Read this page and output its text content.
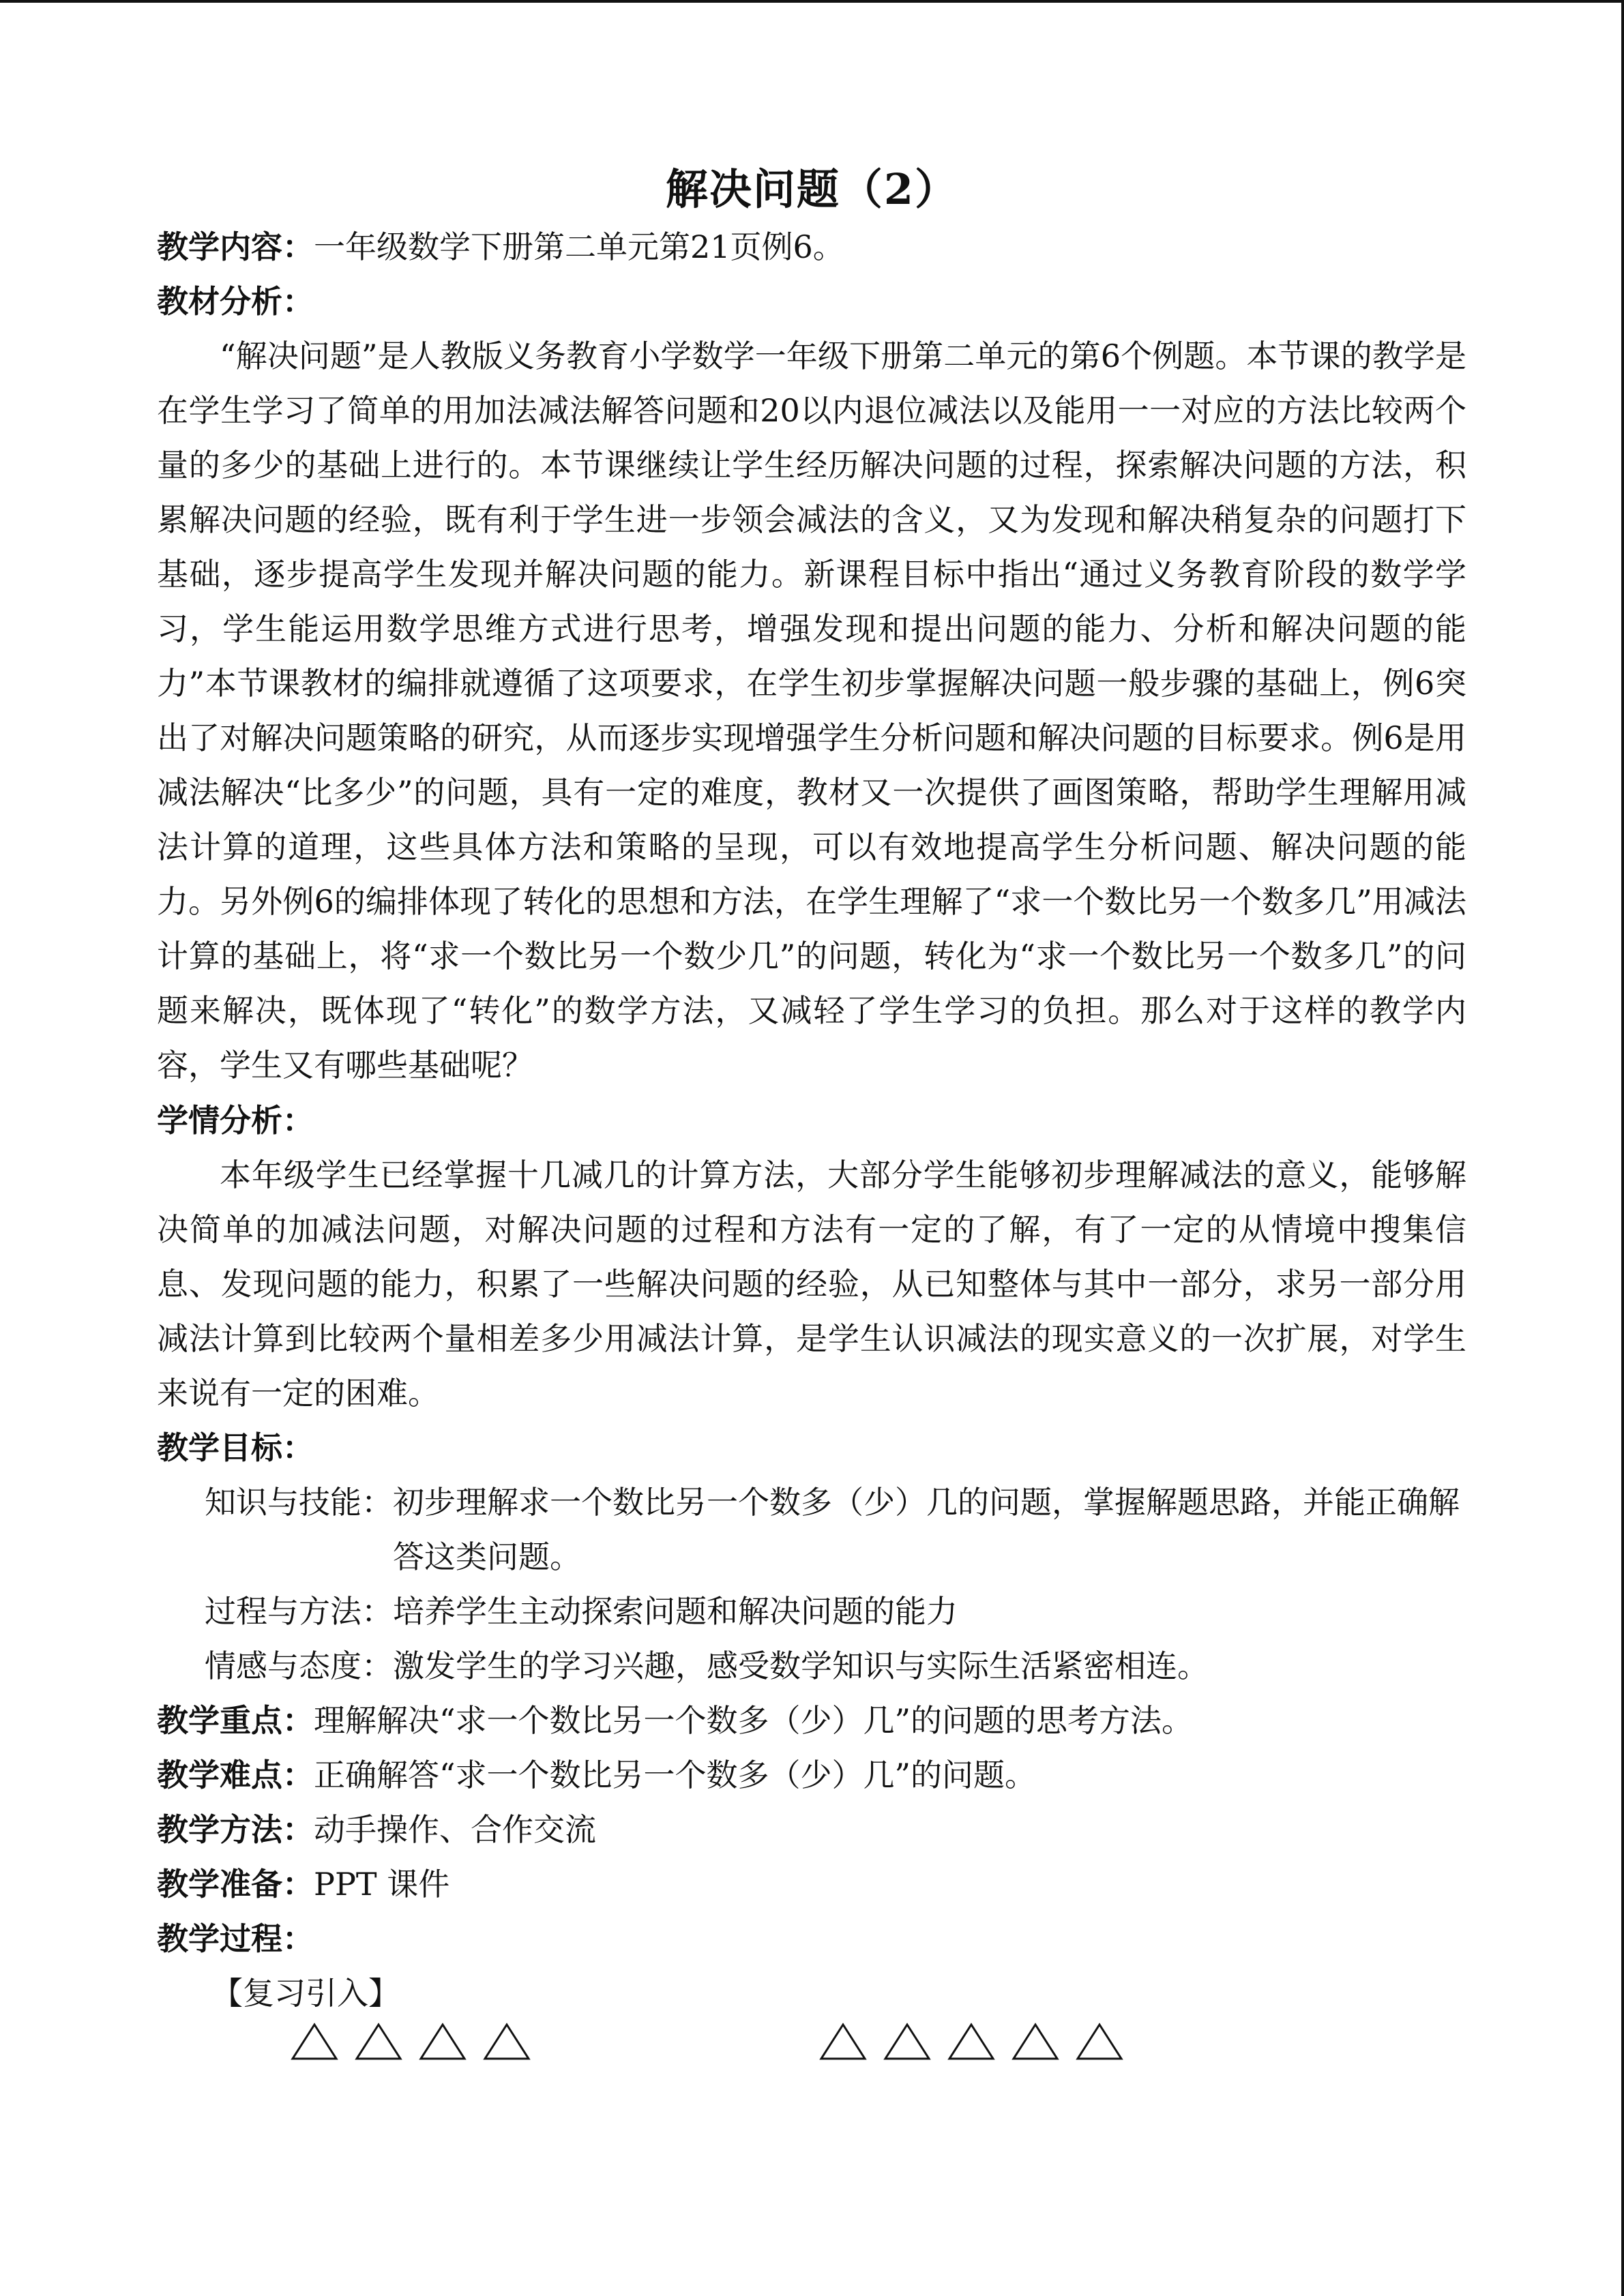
解决问题（2）
教学内容：一年级数学下册第二单元第21页例6。
教材分析：
“解决问题”是人教版义务教育小学数学一年级下册第二单元的第6个例题。本节课的教学是在学生学习了简单的用加法减法解答问题和20以内退位减法以及能用一一对应的方法比较两个量的多少的基础上进行的。本节课继续让学生经历解决问题的过程，探索解决问题的方法，积累解决问题的经验，既有利于学生进一步领会减法的含义，又为发现和解决稍复杂的问题打下基础，逐步提高学生发现并解决问题的能力。新课程目标中指出“通过义务教育阶段的数学学习，学生能运用数学思维方式进行思考，增强发现和提出问题的能力、分析和解决问题的能力”本节课教材的编排就遵循了这项要求，在学生初步掌握解决问题一般步骤的基础上，例6突出了对解决问题策略的研究，从而逐步实现增强学生分析问题和解决问题的目标要求。例6是用减法解决“比多少”的问题，具有一定的难度，教材又一次提供了画图策略，帮助学生理解用减法计算的道理，这些具体方法和策略的呈现，可以有效地提高学生分析问题、解决问题的能力。另外例6的编排体现了转化的思想和方法，在学生理解了“求一个数比另一个数多几”用减法计算的基础上，将“求一个数比另一个数少几”的问题，转化为“求一个数比另一个数多几”的问题来解决，既体现了“转化”的数学方法，又减轻了学生学习的负担。那么对于这样的教学内容，学生又有哪些基础呢？
学情分析：
本年级学生已经掌握十几减几的计算方法，大部分学生能够初步理解减法的意义，能够解决简单的加减法问题，对解决问题的过程和方法有一定的了解，有了一定的从情境中搜集信息、发现问题的能力，积累了一些解决问题的经验，从已知整体与其中一部分，求另一部分用减法计算到比较两个量相差多少用减法计算，是学生认识减法的现实意义的一次扩展，对学生来说有一定的困难。
教学目标：
知识与技能： 初步理解求一个数比另一个数多（少）几的问题，掌握解题思路，并能正确解答这类问题。
过程与方法： 培养学生主动探索问题和解决问题的能力
情感与态度： 激发学生的学习兴趣，感受数学知识与实际生活紧密相连。
教学重点：理解解决“求一个数比另一个数多（少）几”的问题的思考方法。
教学难点：正确解答“求一个数比另一个数多（少）几”的问题。
教学方法：动手操作、合作交流
教学准备：PPT 课件
教学过程：
【复习引入】
